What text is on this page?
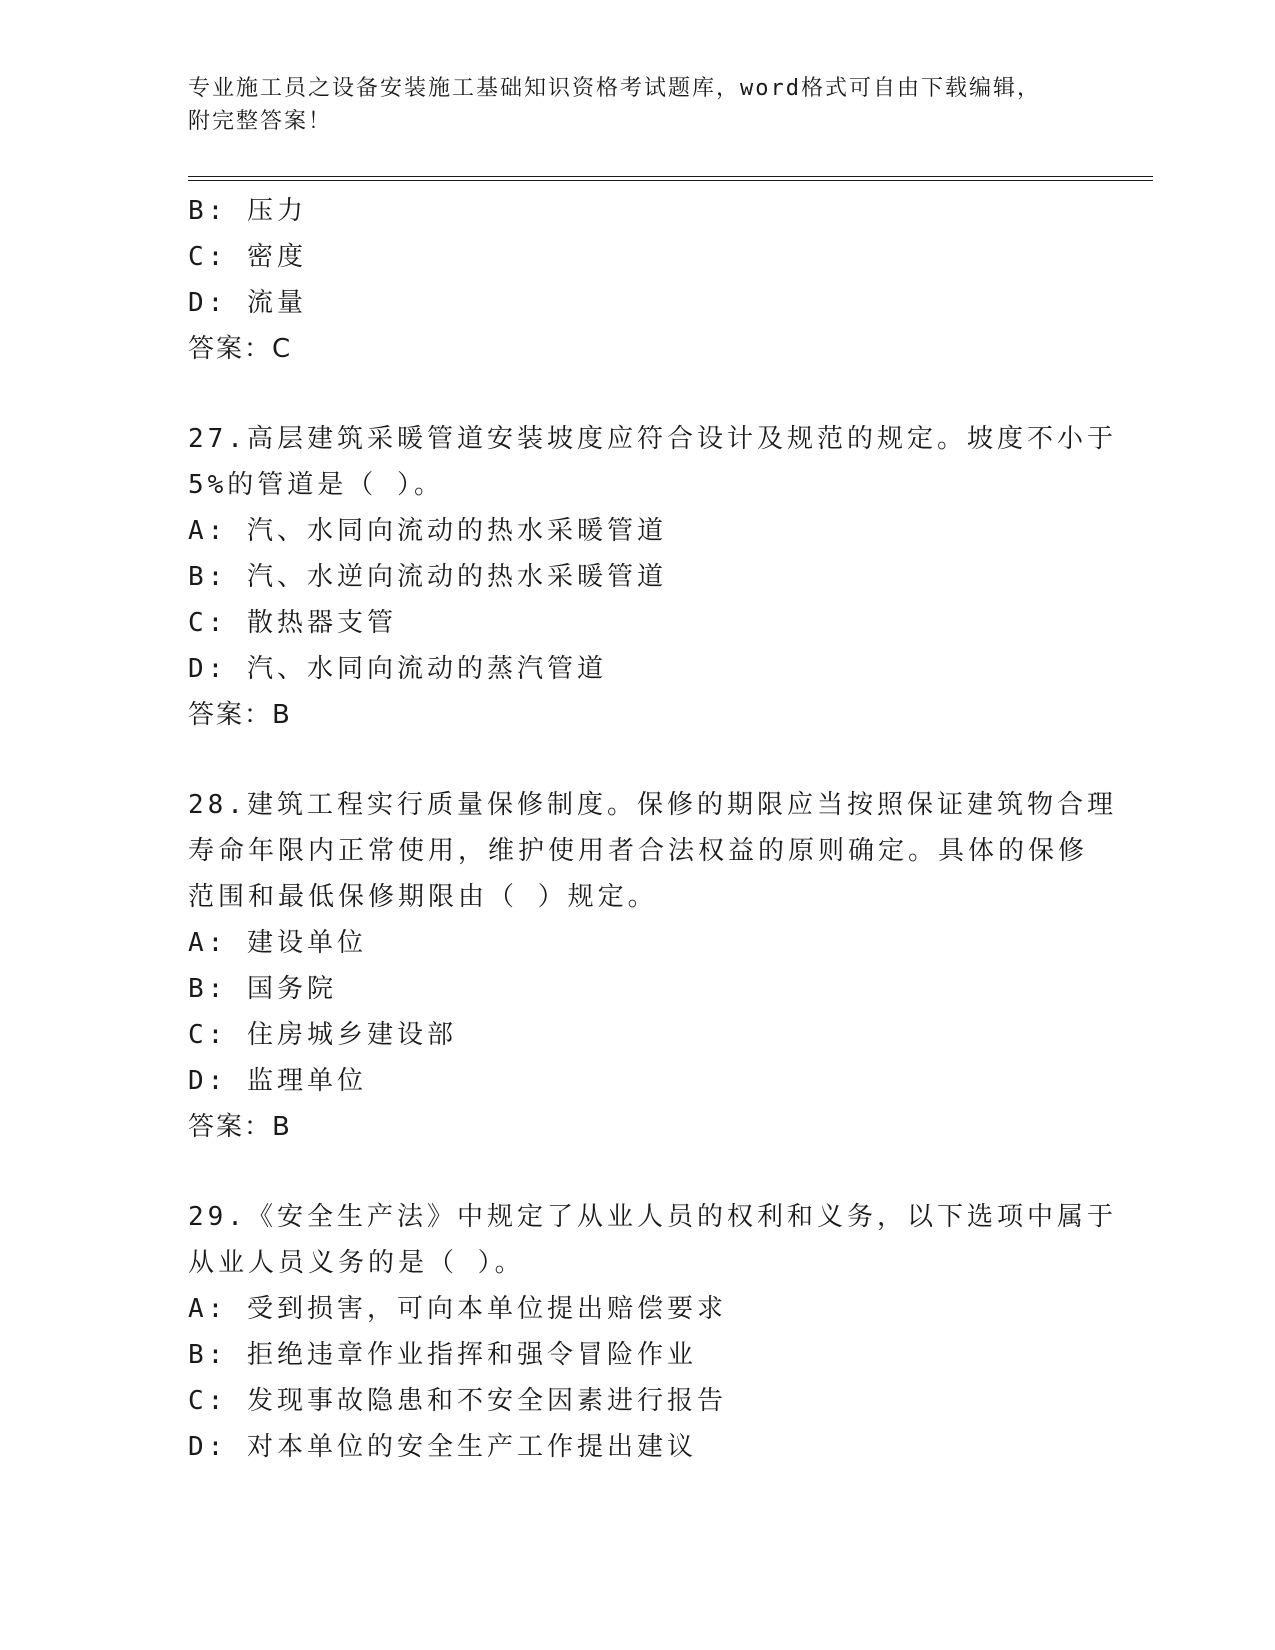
专业施工员之设备安装施工基础知识资格考试题库，word格式可自由下载编辑，
附完整答案！
B: 压力
C: 密度
D: 流量
答案：C
27.高层建筑采暖管道安装坡度应符合设计及规范的规定。坡度不小于
5%的管道是（ ）。
A: 汽、水同向流动的热水采暖管道
B: 汽、水逆向流动的热水采暖管道
C: 散热器支管
D: 汽、水同向流动的蒸汽管道
答案：B
28.建筑工程实行质量保修制度。保修的期限应当按照保证建筑物合理
寿命年限内正常使用，维护使用者合法权益的原则确定。具体的保修
范围和最低保修期限由（ ）规定。
A: 建设单位
B: 国务院
C: 住房城乡建设部
D: 监理单位
答案：B
29.《安全生产法》中规定了从业人员的权利和义务，以下选项中属于
从业人员义务的是（ ）。
A: 受到损害，可向本单位提出赔偿要求
B: 拒绝违章作业指挥和强令冒险作业
C: 发现事故隐患和不安全因素进行报告
D: 对本单位的安全生产工作提出建议
